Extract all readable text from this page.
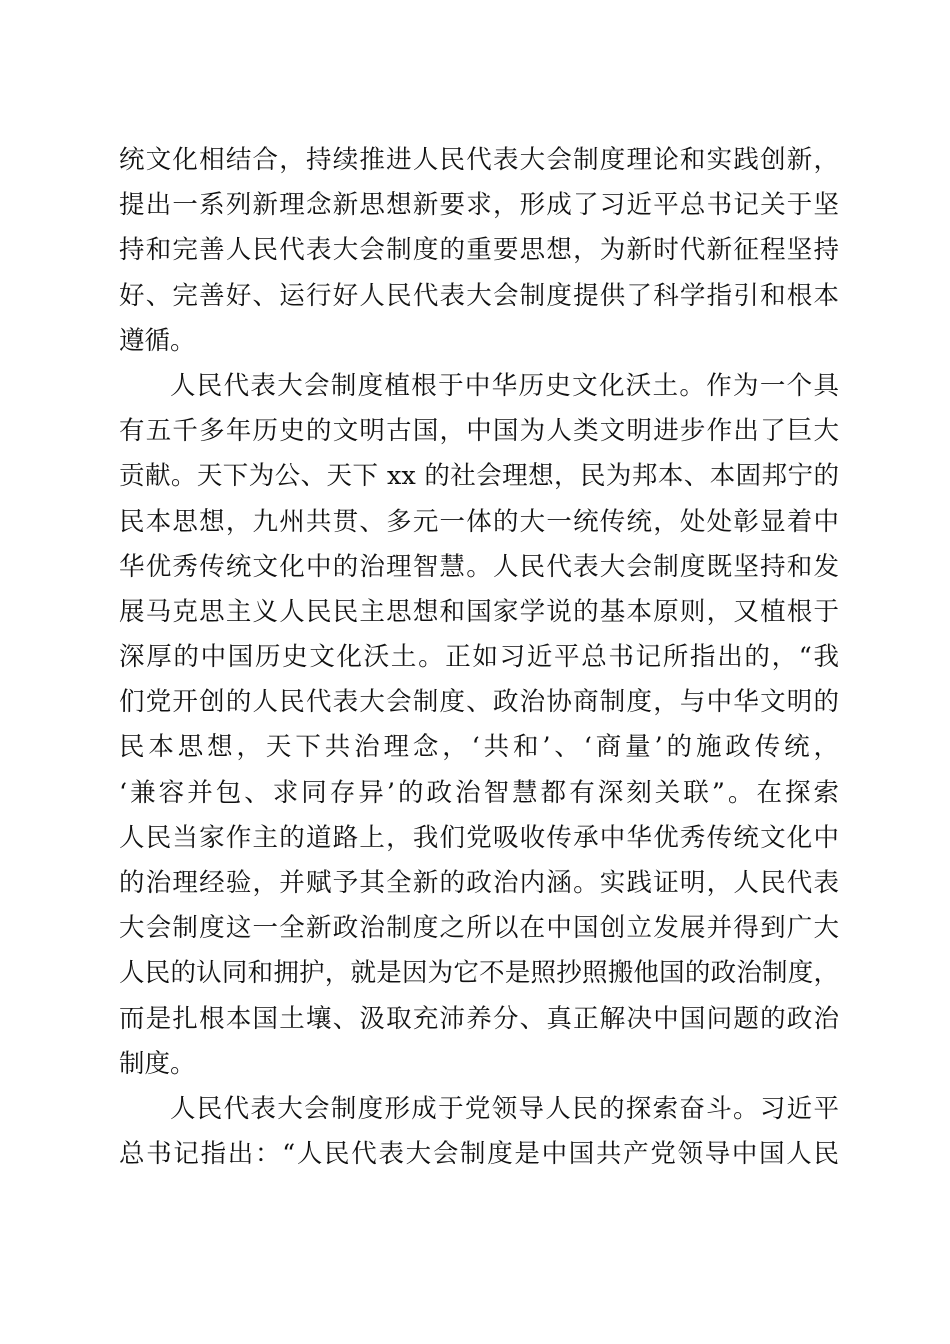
统文化相结合，持续推进人民代表大会制度理论和实践创新，
提出一系列新理念新思想新要求，形成了习近平总书记关于坚
持和完善人民代表大会制度的重要思想，为新时代新征程坚持
好、完善好、运行好人民代表大会制度提供了科学指引和根本
遵循。
人民代表大会制度植根于中华历史文化沃土。作为一个具
有五千多年历史的文明古国，中国为人类文明进步作出了巨大
贡献。天下为公、天下 xx 的社会理想，民为邦本、本固邦宁的
民本思想，九州共贯、多元一体的大一统传统，处处彰显着中
华优秀传统文化中的治理智慧。人民代表大会制度既坚持和发
展马克思主义人民民主思想和国家学说的基本原则，又植根于
深厚的中国历史文化沃土。正如习近平总书记所指出的，“我
们党开创的人民代表大会制度、政治协商制度，与中华文明的
民本思想，天下共治理念，‘共和’、‘商量’的施政传统，
‘兼容并包、求同存异’的政治智慧都有深刻关联”。在探索
人民当家作主的道路上，我们党吸收传承中华优秀传统文化中
的治理经验，并赋予其全新的政治内涵。实践证明，人民代表
大会制度这一全新政治制度之所以在中国创立发展并得到广大
人民的认同和拥护，就是因为它不是照抄照搬他国的政治制度，
而是扎根本国土壤、汲取充沛养分、真正解决中国问题的政治
制度。
人民代表大会制度形成于党领导人民的探索奋斗。习近平
总书记指出：“人民代表大会制度是中国共产党领导中国人民
